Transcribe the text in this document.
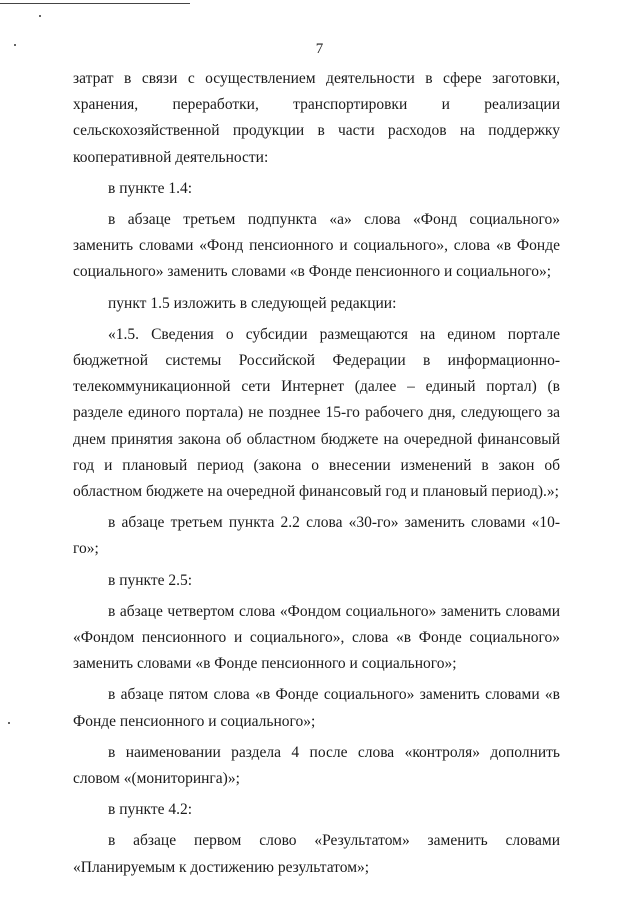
7

затрат в связи с осуществлением деятельности в сфере заготовки, хранения, переработки, транспортировки и реализации сельскохозяйственной продукции в части расходов на поддержку кооперативной деятельности:

в пункте 1.4:

в абзаце третьем подпункта «а» слова «Фонд социального» заменить словами «Фонд пенсионного и социального», слова «в Фонде социального» заменить словами «в Фонде пенсионного и социального»;

пункт 1.5 изложить в следующей редакции:

«1.5. Сведения о субсидии размещаются на едином портале бюджетной системы Российской Федерации в информационно-телекоммуникационной сети Интернет (далее – единый портал) (в разделе единого портала) не позднее 15-го рабочего дня, следующего за днем принятия закона об областном бюджете на очередной финансовый год и плановый период (закона о внесении изменений в закон об областном бюджете на очередной финансовый год и плановый период).»;

в абзаце третьем пункта 2.2 слова «30-го» заменить словами «10-го»;

в пункте 2.5:

в абзаце четвертом слова «Фондом социального» заменить словами «Фондом пенсионного и социального», слова «в Фонде социального» заменить словами «в Фонде пенсионного и социального»;

в абзаце пятом слова «в Фонде социального» заменить словами «в Фонде пенсионного и социального»;

в наименовании раздела 4 после слова «контроля» дополнить словом «(мониторинга)»;

в пункте 4.2:

в абзаце первом слово «Результатом» заменить словами «Планируемым к достижению результатом»;
